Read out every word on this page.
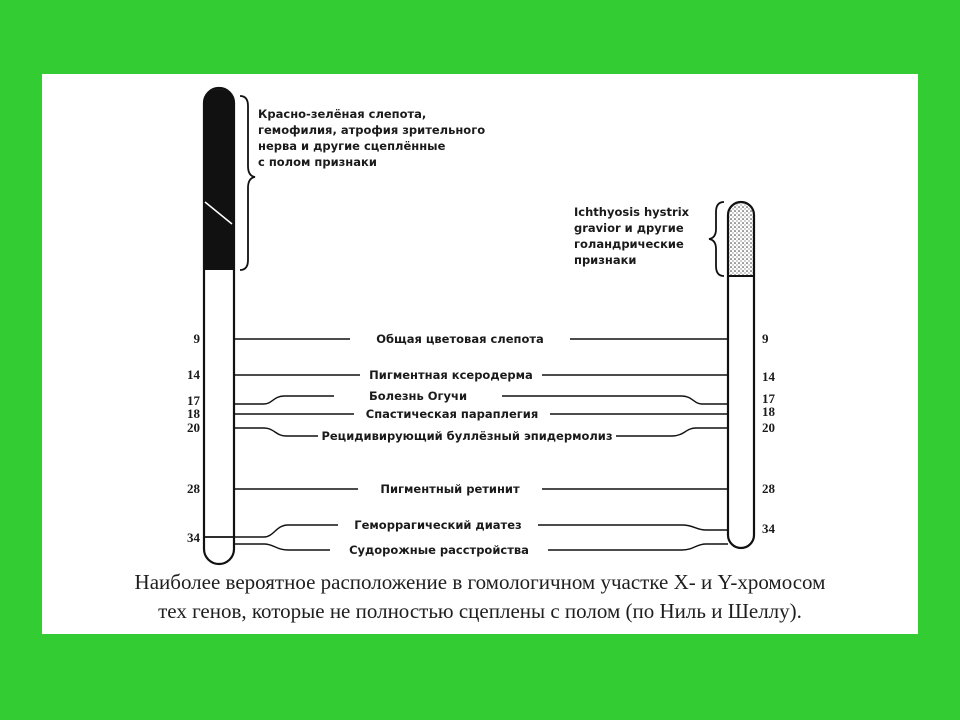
Красно-зелёная слепота, гемофилия, атрофия зрительного нерва и другие сцеплённые с полом признаки
Ichthyosis hystrix gravior и другие голандрические признаки
Общая цветовая слепота
Пигментная ксеродерма
Болезнь Огучи
Спастическая параплегия
Рецидивирующий буллёзный эпидермолиз
Пигментный ретинит
Геморрагический диатез
Судорожные расстройства
9
14
17
18
20
28
34
9
14
17
18
20
28
34
Наиболее вероятное расположение в гомологичном участке X- и Y-хромосом
тех генов, которые не полностью сцеплены с полом (по Ниль и Шеллу).
